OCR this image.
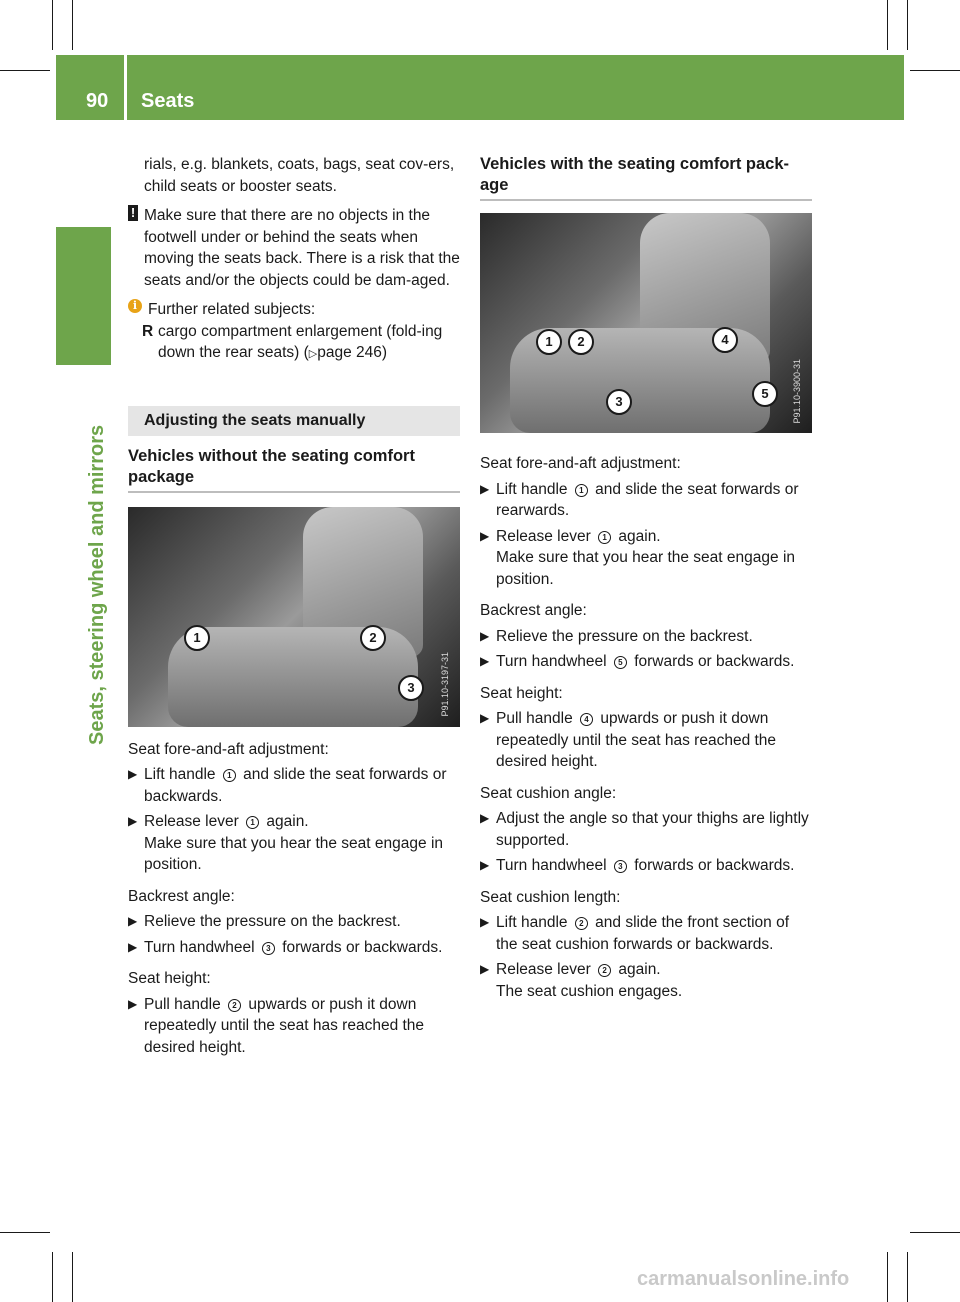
90 Seats
Seats, steering wheel and mirrors

rials, e.g. blankets, coats, bags, seat cov-ers, child seats or booster seats.

! Make sure that there are no objects in the footwell under or behind the seats when moving the seats back. There is a risk that the seats and/or the objects could be dam-aged.
i Further related subjects:
R cargo compartment enlargement (fold-ing down the rear seats) (▷page 246)
Adjusting the seats manually
Vehicles without the seating comfort package
1	2
3	P91.10-3197-31

Seat fore-and-aft adjustment:

▶ Lift handle 1 and slide the seat forwards or backwards.
▶ Release lever 1 again.
Make sure that you hear the seat engage in position.

Backrest angle:

▶ Relieve the pressure on the backrest.
▶ Turn handwheel 3 forwards or backwards.

Seat height:

▶ Pull handle 2 upwards or push it down repeatedly until the seat has reached the desired height.
Vehicles with the seating comfort pack-age
1	2
3
4
5	P91.10-3900-31

Seat fore-and-aft adjustment:

▶ Lift handle 1 and slide the seat forwards or rearwards.
▶ Release lever 1 again.
Make sure that you hear the seat engage in position.

Backrest angle:

▶ Relieve the pressure on the backrest.
▶ Turn handwheel 5 forwards or backwards.

Seat height:

▶ Pull handle 4 upwards or push it down repeatedly until the seat has reached the desired height.

Seat cushion angle:

▶ Adjust the angle so that your thighs are lightly supported.
▶ Turn handwheel 3 forwards or backwards.

Seat cushion length:

▶ Lift handle 2 and slide the front section of the seat cushion forwards or backwards.
▶ Release lever 2 again.
The seat cushion engages.
carmanualsonline.info
